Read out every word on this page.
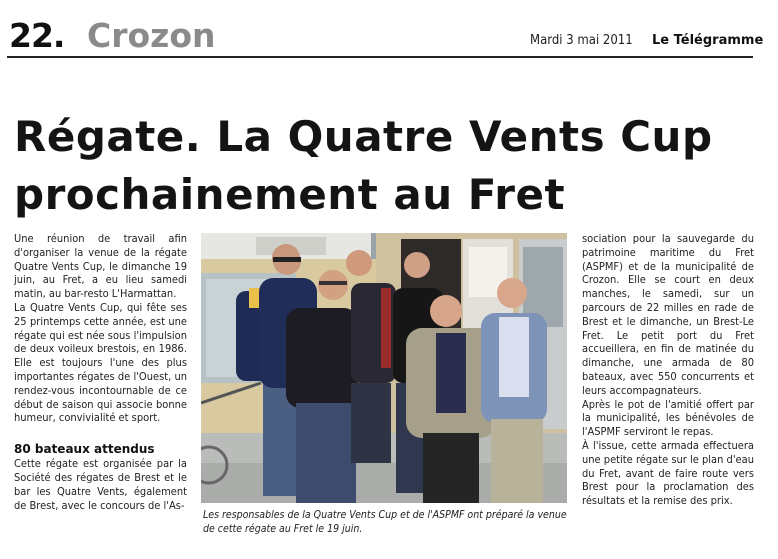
22. Crozon	Mardi 3 mai 2011 Le Télégramme
Régate. La Quatre Vents Cup
prochainement au Fret

Une réunion de travail afin d'organiser la venue de la régate Quatre Vents Cup, le dimanche 19 juin, au Fret, a eu lieu samedi matin, au bar-resto L'Harmattan.

La Quatre Vents Cup, qui fête ses 25 printemps cette année, est une régate qui est née sous l'impulsion de deux voileux brestois, en 1986. Elle est toujours l'une des plus importantes régates de l'Ouest, un rendez-vous incontournable de ce début de saison qui associe bonne humeur, convivialité et sport.

80 bateaux attendus

Cette régate est organisée par la Société des régates de Brest et le bar les Quatre Vents, également de Brest, avec le concours de l'As-

Les responsables de la Quatre Vents Cup et de l'ASPMF ont préparé la venue de cette régate au Fret le 19 juin.

sociation pour la sauvegarde du patrimoine maritime du Fret (ASPMF) et de la municipalité de Crozon. Elle se court en deux manches, le samedi, sur un parcours de 22 milles en rade de Brest et le dimanche, un Brest-Le Fret. Le petit port du Fret accueillera, en fin de matinée du dimanche, une armada de 80 bateaux, avec 550 concurrents et leurs accompagnateurs.

Après le pot de l'amitié offert par la municipalité, les bénévoles de l'ASPMF serviront le repas.

À l'issue, cette armada effectuera une petite régate sur le plan d'eau du Fret, avant de faire route vers Brest pour la proclamation des résultats et la remise des prix.
